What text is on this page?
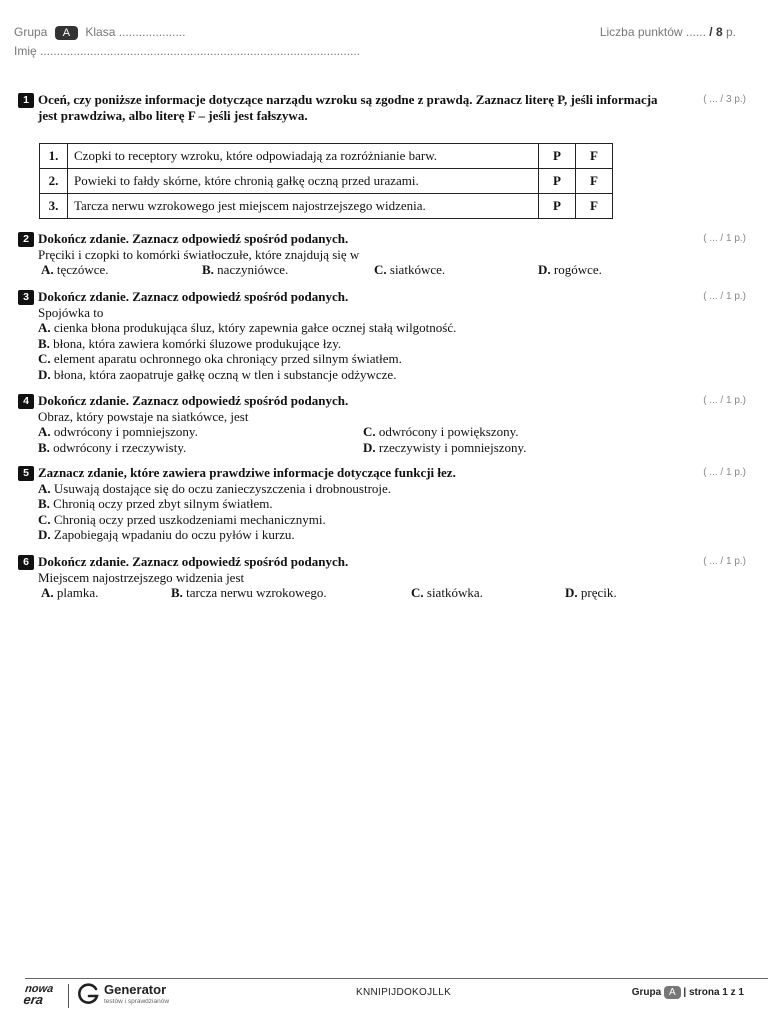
Grupa A Klasa ....................
Imię ................................................................................................
Liczba punktów ...... / 8 p.
1	( ... / 3 p.)
Oceń, czy poniższe informacje dotyczące narządu wzroku są zgodne z prawdą. Zaznacz literę P, jeśli informacja jest prawdziwa, albo literę F – jeśli jest fałszywa.
1.	Czopki to receptory wzroku, które odpowiadają za rozróżnianie barw.	P	F
2.	Powieki to fałdy skórne, które chronią gałkę oczną przed urazami.	P	F
3.	Tarcza nerwu wzrokowego jest miejscem najostrzejszego widzenia.	P	F
2	( ... / 1 p.)
Dokończ zdanie. Zaznacz odpowiedź spośród podanych.
Pręciki i czopki to komórki światłoczułe, które znajdują się w
A. tęczówce.	B. naczyniówce.	C. siatkówce.	D. rogówce.
3	( ... / 1 p.)
Dokończ zdanie. Zaznacz odpowiedź spośród podanych.
Spojówka to
A. cienka błona produkująca śluz, który zapewnia gałce ocznej stałą wilgotność.
B. błona, która zawiera komórki śluzowe produkujące łzy.
C. element aparatu ochronnego oka chroniący przed silnym światłem.
D. błona, która zaopatruje gałkę oczną w tlen i substancje odżywcze.
4	( ... / 1 p.)
Dokończ zdanie. Zaznacz odpowiedź spośród podanych.
Obraz, który powstaje na siatkówce, jest
A. odwrócony i pomniejszony.	C. odwrócony i powiększony.
B. odwrócony i rzeczywisty.	D. rzeczywisty i pomniejszony.
5	( ... / 1 p.)
Zaznacz zdanie, które zawiera prawdziwe informacje dotyczące funkcji łez.
A. Usuwają dostające się do oczu zanieczyszczenia i drobnoustroje.
B. Chronią oczy przed zbyt silnym światłem.
C. Chronią oczy przed uszkodzeniami mechanicznymi.
D. Zapobiegają wpadaniu do oczu pyłów i kurzu.
6	( ... / 1 p.)
Dokończ zdanie. Zaznacz odpowiedź spośród podanych.
Miejscem najostrzejszego widzenia jest
A. plamka.	B. tarcza nerwu wzrokowego.	C. siatkówka.	D. pręcik.
nowa
era
Generator
testów i sprawdzianów
KNNIPIJDOKOJLLK	Grupa A | strona 1 z 1
